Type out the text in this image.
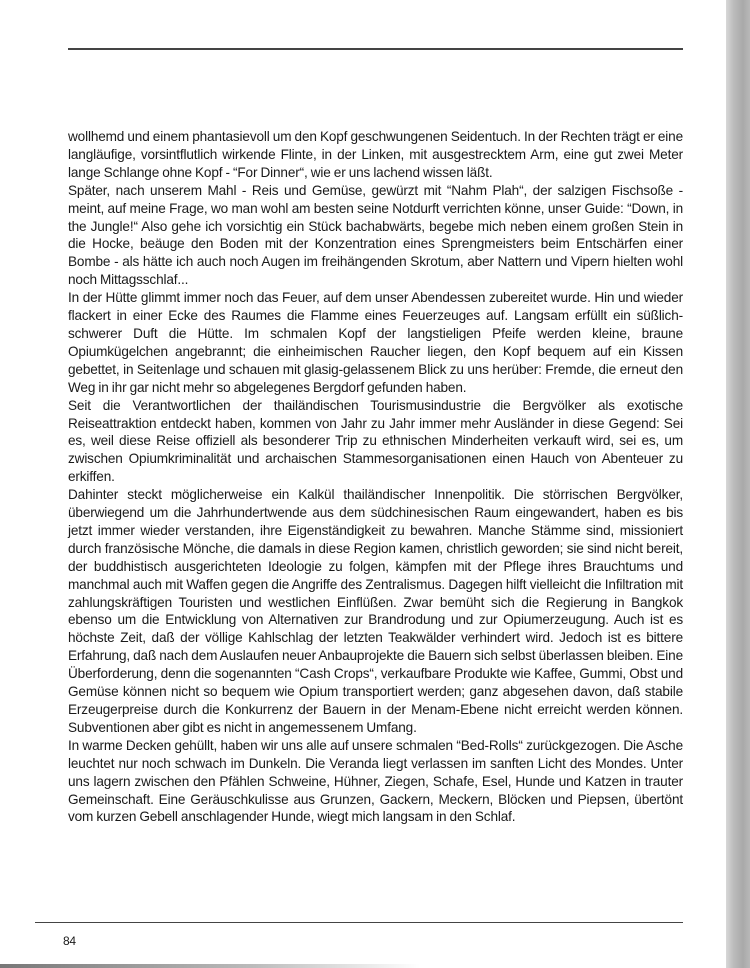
wollhemd und einem phantasievoll um den Kopf geschwungenen Seidentuch. In der Rechten trägt er eine langläufige, vorsintflutlich wirkende Flinte, in der Linken, mit ausgestrecktem Arm, eine gut zwei Meter lange Schlange ohne Kopf - “For Dinner“, wie er uns lachend wissen läßt.

Später, nach unserem Mahl - Reis und Gemüse, gewürzt mit “Nahm Plah“, der salzigen Fischsoße - meint, auf meine Frage, wo man wohl am besten seine Notdurft verrichten könne, unser Guide: “Down, in the Jungle!“ Also gehe ich vorsichtig ein Stück bachabwärts, begebe mich neben einem großen Stein in die Hocke, beäuge den Boden mit der Konzentration eines Sprengmeisters beim Entschärfen einer Bombe - als hätte ich auch noch Augen im freihängenden Skrotum, aber Nattern und Vipern hielten wohl noch Mittagsschlaf...

In der Hütte glimmt immer noch das Feuer, auf dem unser Abendessen zubereitet wurde. Hin und wieder flackert in einer Ecke des Raumes die Flamme eines Feuerzeuges auf. Langsam erfüllt ein süßlich- schwerer Duft die Hütte. Im schmalen Kopf der langstieligen Pfeife werden kleine, braune Opiumkügelchen angebrannt; die einheimischen Raucher liegen, den Kopf bequem auf ein Kissen gebettet, in Seitenlage und schauen mit glasig-gelassenem Blick zu uns herüber: Fremde, die erneut den Weg in ihr gar nicht mehr so abgelegenes Bergdorf gefunden haben.

Seit die Verantwortlichen der thailändischen Tourismusindustrie die Bergvölker als exotische Reiseattraktion entdeckt haben, kommen von Jahr zu Jahr immer mehr Ausländer in diese Gegend: Sei es, weil diese Reise offiziell als besonderer Trip zu ethnischen Minderheiten verkauft wird, sei es, um zwischen Opiumkriminalität und archaischen Stammesorganisationen einen Hauch von Abenteuer zu erkiffen.

Dahinter steckt möglicherweise ein Kalkül thailändischer Innenpolitik. Die störrischen Bergvölker, überwiegend um die Jahrhundertwende aus dem südchinesischen Raum eingewandert, haben es bis jetzt immer wieder verstanden, ihre Eigenständigkeit zu bewahren. Manche Stämme sind, missioniert durch französische Mönche, die damals in diese Region kamen, christlich geworden; sie sind nicht bereit, der buddhistisch ausgerichteten Ideologie zu folgen, kämpfen mit der Pflege ihres Brauchtums und manchmal auch mit Waffen gegen die Angriffe des Zentralismus. Dagegen hilft vielleicht die Infiltration mit zahlungskräftigen Touristen und westlichen Einflüßen. Zwar bemüht sich die Regierung in Bangkok ebenso um die Entwicklung von Alternativen zur Brandrodung und zur Opiumerzeugung. Auch ist es höchste Zeit, daß der völlige Kahlschlag der letzten Teakwälder verhindert wird. Jedoch ist es bittere Erfahrung, daß nach dem Auslaufen neuer Anbauprojekte die Bauern sich selbst überlassen bleiben. Eine Überforderung, denn die sogenannten “Cash Crops“, verkaufbare Produkte wie Kaffee, Gummi, Obst und Gemüse können nicht so bequem wie Opium transportiert werden; ganz abgesehen davon, daß stabile Erzeugerpreise durch die Konkurrenz der Bauern in der Menam-Ebene nicht erreicht werden können. Subventionen aber gibt es nicht in angemessenem Umfang.

In warme Decken gehüllt, haben wir uns alle auf unsere schmalen “Bed-Rolls“ zurückgezogen. Die Asche leuchtet nur noch schwach im Dunkeln. Die Veranda liegt verlassen im sanften Licht des Mondes. Unter uns lagern zwischen den Pfählen Schweine, Hühner, Ziegen, Schafe, Esel, Hunde und Katzen in trauter Gemeinschaft. Eine Geräuschkulisse aus Grunzen, Gackern, Meckern, Blöcken und Piepsen, übertönt vom kurzen Gebell anschlagender Hunde, wiegt mich langsam in den Schlaf.

84
